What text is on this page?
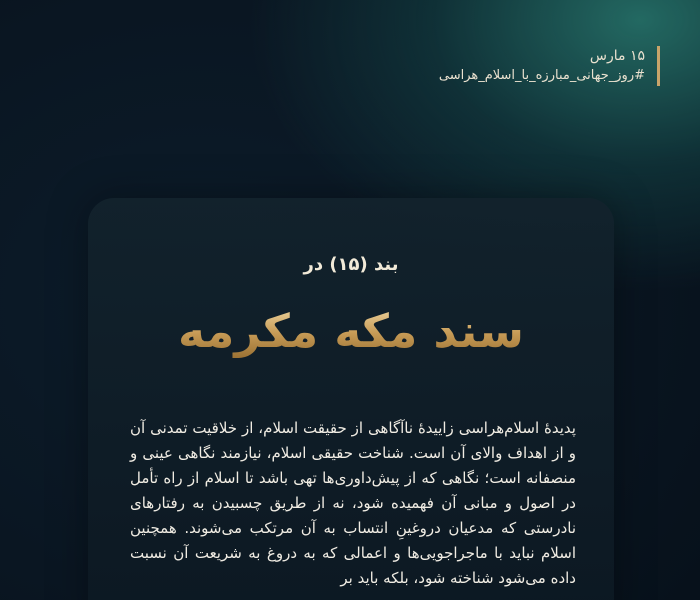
۱۵ مارس
#روز_جهانی_مبارزه_با_اسلام_هراسی
بند (۱۵) در
سند مکه مکرمه
پدیدهٔ اسلام‌هراسی زاییدهٔ ناآگاهی از حقیقت اسلام، از خلاقیت تمدنی آن و از اهداف والای آن است. شناخت حقیقی اسلام، نیازمند نگاهی عینی و منصفانه است؛ نگاهی که از پیش‌داوری‌ها تهی باشد تا اسلام از راه تأمل در اصول و مبانی آن فهمیده شود، نه از طریق چسبیدن به رفتارهای نادرستی که مدعیان دروغینِ انتساب به آن مرتکب می‌شوند. همچنین اسلام نباید با ماجراجویی‌ها و اعمالی که به دروغ به شریعت آن نسبت داده می‌شود شناخته شود، بلکه باید بر
